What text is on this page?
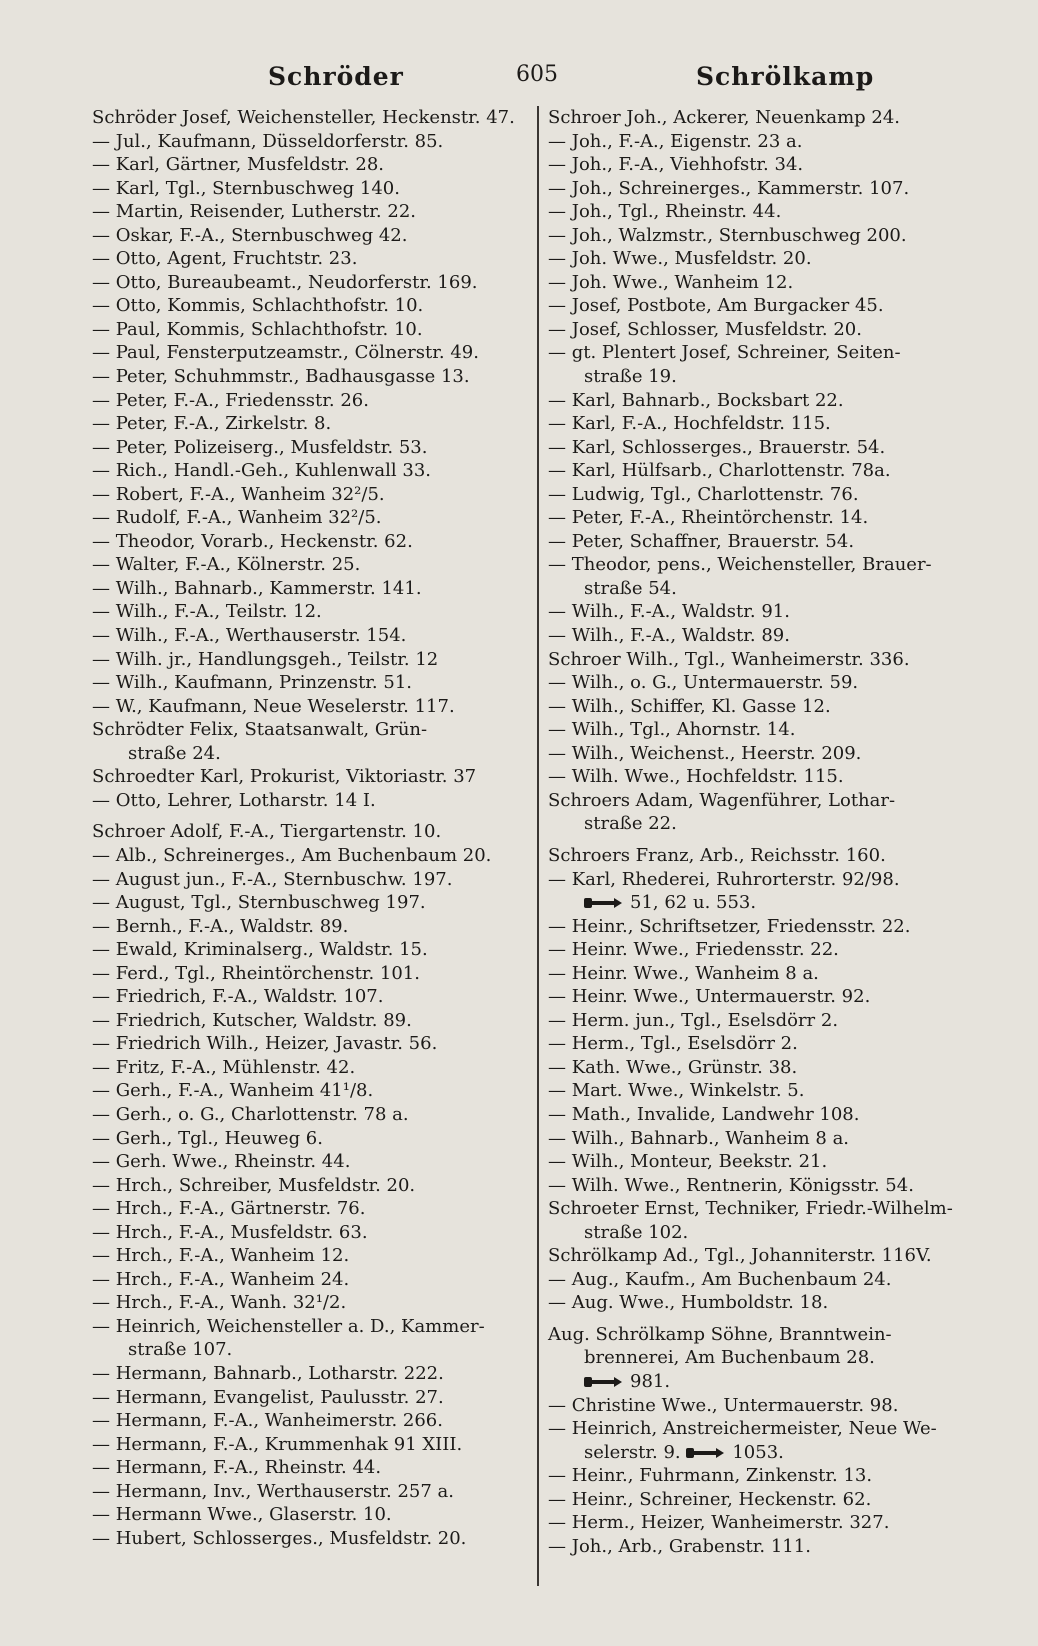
Schröder	605	Schrölkamp
Schröder Josef, Weichensteller, Heckenstr. 47.
— Jul., Kaufmann, Düsseldorferstr. 85.
— Karl, Gärtner, Musfeldstr. 28.
— Karl, Tgl., Sternbuschweg 140.
— Martin, Reisender, Lutherstr. 22.
— Oskar, F.-A., Sternbuschweg 42.
— Otto, Agent, Fruchtstr. 23.
— Otto, Bureaubeamt., Neudorferstr. 169.
— Otto, Kommis, Schlachthofstr. 10.
— Paul, Kommis, Schlachthofstr. 10.
— Paul, Fensterputzeamstr., Cölnerstr. 49.
— Peter, Schuhmmstr., Badhausgasse 13.
— Peter, F.-A., Friedensstr. 26.
— Peter, F.-A., Zirkelstr. 8.
— Peter, Polizeiserg., Musfeldstr. 53.
— Rich., Handl.-Geh., Kuhlenwall 33.
— Robert, F.-A., Wanheim 32²/5.
— Rudolf, F.-A., Wanheim 32²/5.
— Theodor, Vorarb., Heckenstr. 62.
— Walter, F.-A., Kölnerstr. 25.
— Wilh., Bahnarb., Kammerstr. 141.
— Wilh., F.-A., Teilstr. 12.
— Wilh., F.-A., Werthauserstr. 154.
— Wilh. jr., Handlungsgeh., Teilstr. 12
— Wilh., Kaufmann, Prinzenstr. 51.
— W., Kaufmann, Neue Weselerstr. 117.
Schrödter Felix, Staatsanwalt, Grün-
straße 24.
Schroedter Karl, Prokurist, Viktoriastr. 37
— Otto, Lehrer, Lotharstr. 14 I.
Schroer Adolf, F.-A., Tiergartenstr. 10.
— Alb., Schreinerges., Am Buchenbaum 20.
— August jun., F.-A., Sternbuschw. 197.
— August, Tgl., Sternbuschweg 197.
— Bernh., F.-A., Waldstr. 89.
— Ewald, Kriminalserg., Waldstr. 15.
— Ferd., Tgl., Rheintörchenstr. 101.
— Friedrich, F.-A., Waldstr. 107.
— Friedrich, Kutscher, Waldstr. 89.
— Friedrich Wilh., Heizer, Javastr. 56.
— Fritz, F.-A., Mühlenstr. 42.
— Gerh., F.-A., Wanheim 41¹/8.
— Gerh., o. G., Charlottenstr. 78 a.
— Gerh., Tgl., Heuweg 6.
— Gerh. Wwe., Rheinstr. 44.
— Hrch., Schreiber, Musfeldstr. 20.
— Hrch., F.-A., Gärtnerstr. 76.
— Hrch., F.-A., Musfeldstr. 63.
— Hrch., F.-A., Wanheim 12.
— Hrch., F.-A., Wanheim 24.
— Hrch., F.-A., Wanh. 32¹/2.
— Heinrich, Weichensteller a. D., Kammer-
straße 107.
— Hermann, Bahnarb., Lotharstr. 222.
— Hermann, Evangelist, Paulusstr. 27.
— Hermann, F.-A., Wanheimerstr. 266.
— Hermann, F.-A., Krummenhak 91 XIII.
— Hermann, F.-A., Rheinstr. 44.
— Hermann, Inv., Werthauserstr. 257 a.
— Hermann Wwe., Glaserstr. 10.
— Hubert, Schlosserges., Musfeldstr. 20.
Schroer Joh., Ackerer, Neuenkamp 24.
— Joh., F.-A., Eigenstr. 23 a.
— Joh., F.-A., Viehhofstr. 34.
— Joh., Schreinerges., Kammerstr. 107.
— Joh., Tgl., Rheinstr. 44.
— Joh., Walzmstr., Sternbuschweg 200.
— Joh. Wwe., Musfeldstr. 20.
— Joh. Wwe., Wanheim 12.
— Josef, Postbote, Am Burgacker 45.
— Josef, Schlosser, Musfeldstr. 20.
— gt. Plentert Josef, Schreiner, Seiten-
straße 19.
— Karl, Bahnarb., Bocksbart 22.
— Karl, F.-A., Hochfeldstr. 115.
— Karl, Schlosserges., Brauerstr. 54.
— Karl, Hülfsarb., Charlottenstr. 78a.
— Ludwig, Tgl., Charlottenstr. 76.
— Peter, F.-A., Rheintörchenstr. 14.
— Peter, Schaffner, Brauerstr. 54.
— Theodor, pens., Weichensteller, Brauer-
straße 54.
— Wilh., F.-A., Waldstr. 91.
— Wilh., F.-A., Waldstr. 89.
Schroer Wilh., Tgl., Wanheimerstr. 336.
— Wilh., o. G., Untermauerstr. 59.
— Wilh., Schiffer, Kl. Gasse 12.
— Wilh., Tgl., Ahornstr. 14.
— Wilh., Weichenst., Heerstr. 209.
— Wilh. Wwe., Hochfeldstr. 115.
Schroers Adam, Wagenführer, Lothar-
straße 22.
Schroers Franz, Arb., Reichsstr. 160.
— Karl, Rhederei, Ruhrorterstr. 92/98.
51, 62 u. 553.
— Heinr., Schriftsetzer, Friedensstr. 22.
— Heinr. Wwe., Friedensstr. 22.
— Heinr. Wwe., Wanheim 8 a.
— Heinr. Wwe., Untermauerstr. 92.
— Herm. jun., Tgl., Eselsdörr 2.
— Herm., Tgl., Eselsdörr 2.
— Kath. Wwe., Grünstr. 38.
— Mart. Wwe., Winkelstr. 5.
— Math., Invalide, Landwehr 108.
— Wilh., Bahnarb., Wanheim 8 a.
— Wilh., Monteur, Beekstr. 21.
— Wilh. Wwe., Rentnerin, Königsstr. 54.
Schroeter Ernst, Techniker, Friedr.-Wilhelm-
straße 102.
Schrölkamp Ad., Tgl., Johanniterstr. 116V.
— Aug., Kaufm., Am Buchenbaum 24.
— Aug. Wwe., Humboldstr. 18.
Aug. Schrölkamp Söhne, Branntwein-
brennerei, Am Buchenbaum 28.
981.
— Christine Wwe., Untermauerstr. 98.
— Heinrich, Anstreichermeister, Neue We-
selerstr. 9.	1053.
— Heinr., Fuhrmann, Zinkenstr. 13.
— Heinr., Schreiner, Heckenstr. 62.
— Herm., Heizer, Wanheimerstr. 327.
— Joh., Arb., Grabenstr. 111.
